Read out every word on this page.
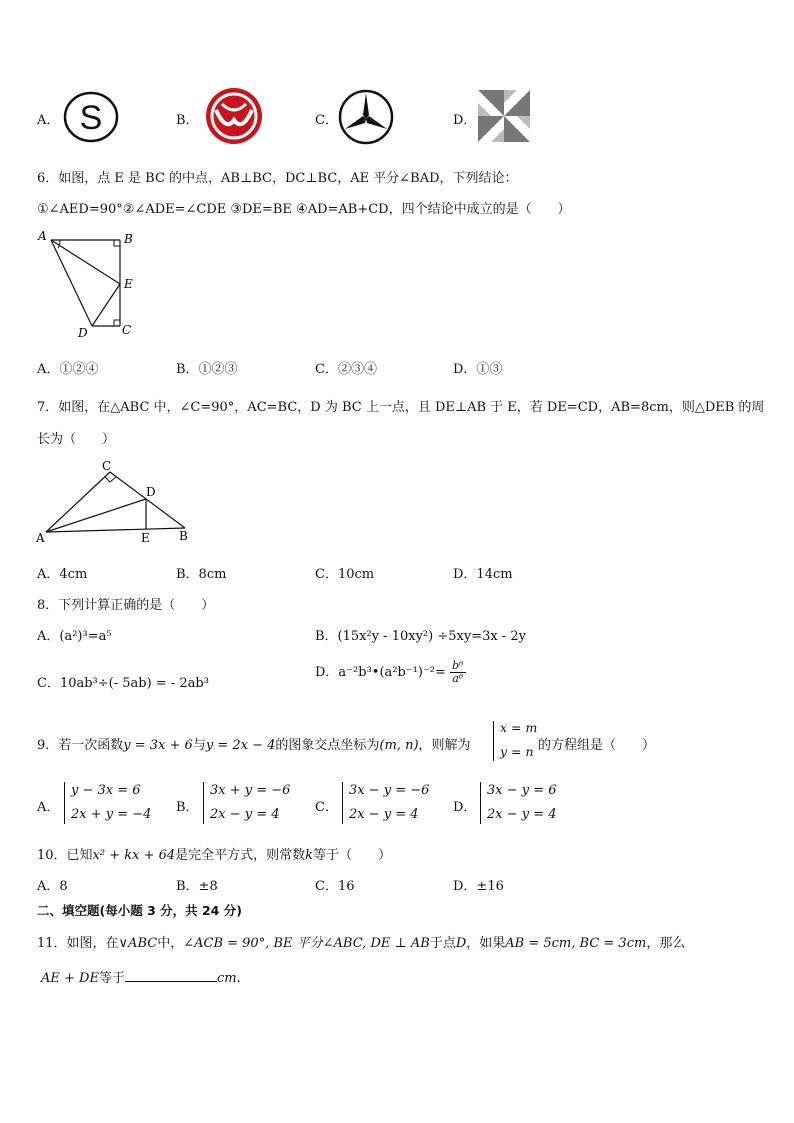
A． S	B．	C．	D．
6．如图，点 E 是 BC 的中点，AB⊥BC，DC⊥BC，AE 平分∠BAD，下列结论：
①∠AED=90°②∠ADE=∠CDE ③DE=BE ④AD=AB+CD，四个结论中成立的是（　　）
A	B
E
D	C
A．①②④	B．①②③	C．②③④	D．①③
7．如图，在△ABC 中，∠C=90°，AC=BC，D 为 BC 上一点，且 DE⊥AB 于 E，若 DE=CD，AB=8cm，则△DEB 的周
长为（　　）
C
D
A	E B
A．4cm	B．8cm	C．10cm	D．14cm
8．下列计算正确的是（　　）
A．(a²)³=a⁵	B．(15x²y - 10xy²) ÷5xy=3x - 2y
C．10ab³÷(- 5ab) = - 2ab³
D．a⁻²b³•(a²b⁻¹)⁻²= $\frac{\text{b⁶}}{\text{a⁶}}$
9．若一次函数y = 3x + 6与y = 2x − 4的图象交点坐标为(m, n)，则解为
x = m
y = n 的方程组是（　　）
A．
y − 3x = 6
2x + y = −4 B．
3x + y = −6
2x − y = 4	C．
3x − y = −6
2x − y = 4	D．
3x − y = 6
2x − y = 4
10．已知x² + kx + 64是完全平方式，则常数k等于（　　）
A．8	B．±8	C．16	D．±16
二、填空题(每小题 3 分，共 24 分)
11．如图，在∨ABC中，∠ACB = 90°, BE 平分∠ABC, DE ⊥ AB于点D，如果AB = 5cm, BC = 3cm，那么
AE + DE等于	cm.
